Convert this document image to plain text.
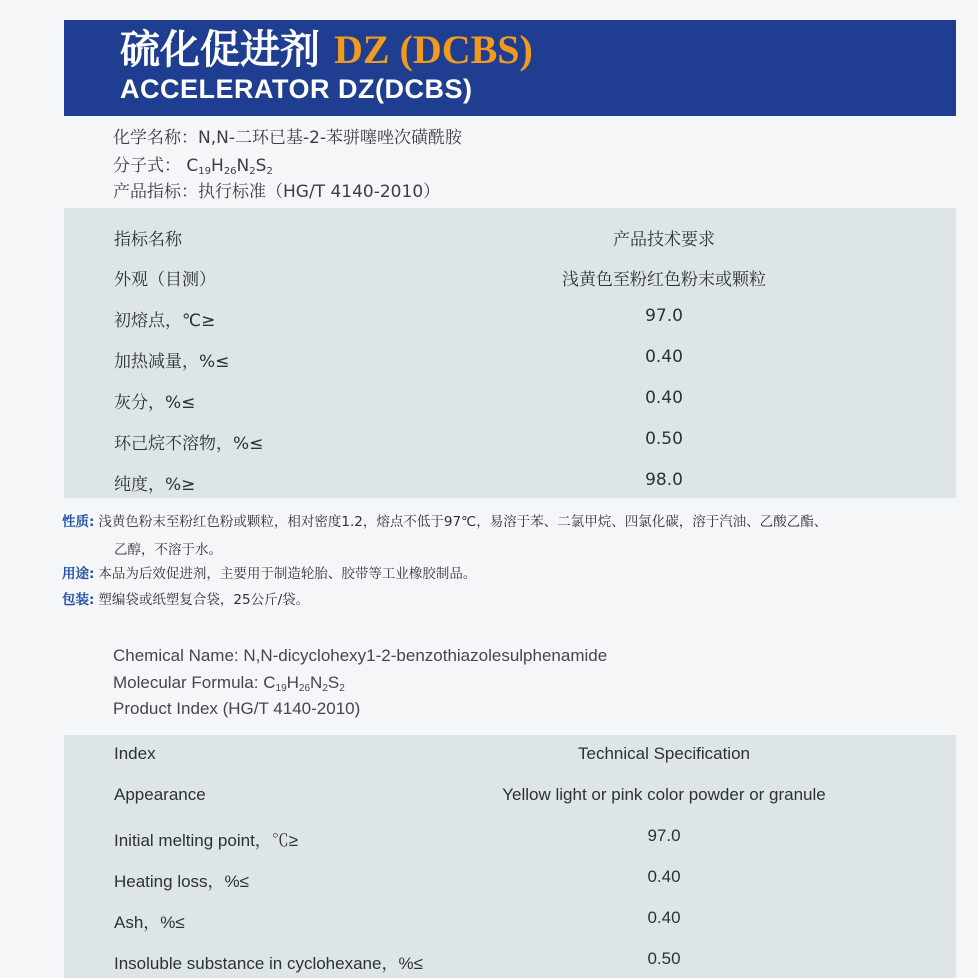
硫化促进剂 DZ (DCBS)
ACCELERATOR DZ(DCBS)
化学名称：N,N-二环已基-2-苯骈噻唑次磺酰胺
分子式： $C_{19}H_{26}N_2S_2$
产品指标：执行标准（HG/T 4140-2010）
指标名称	产品技术要求
外观（目测）	浅黄色至粉红色粉末或颗粒
初熔点，℃≥	97.0
加热减量，%≤	0.40
灰分，%≤	0.40
环己烷不溶物，%≤	0.50
纯度，%≥	98.0
性质: 浅黄色粉末至粉红色粉或颗粒，相对密度1.2，熔点不低于97℃，易溶于苯、二氯甲烷、四氯化碳，溶于汽油、乙酸乙酯、
乙醇，不溶于水。
用途: 本品为后效促进剂，主要用于制造轮胎、胶带等工业橡胶制品。
包装: 塑编袋或纸塑复合袋，25公斤/袋。
Chemical Name: N,N-dicyclohexy1-2-benzothiazolesulphenamide
Molecular Formula: $C_{19}H_{26}N_2S_2$
Product Index (HG/T 4140-2010)
Index	Technical Specification
Appearance	Yellow light or pink color powder or granule
Initial melting point，℃≥	97.0
Heating loss，%≤	0.40
Ash，%≤	0.40
Insoluble substance in cyclohexane，%≤	0.50
